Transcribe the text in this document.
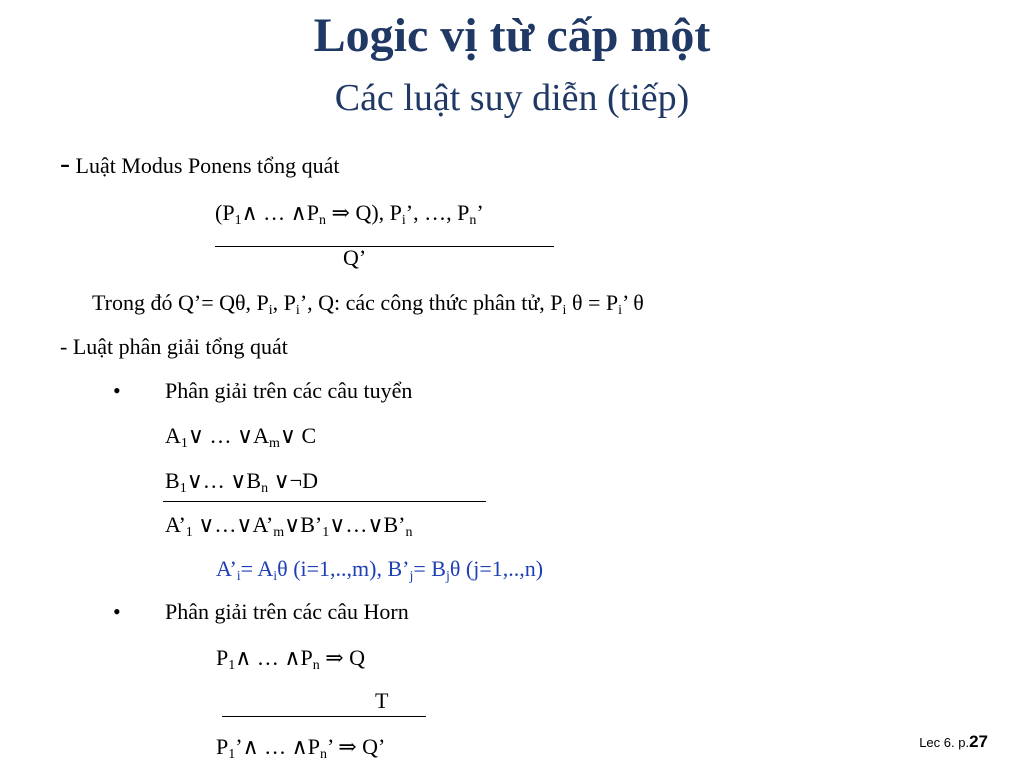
Logic vị từ cấp một
Các luật suy diễn (tiếp)
- Luật Modus Ponens tổng quát
($P_1\wedge$ … $\wedge P_n$ ⇒ Q), $P_i$’, …, $P_n$’
Q’
Trong đó Q’= Qθ, $P_i$, $P_i$’, Q: các công thức phân tử, $P_i$ $\theta = P_i$’ θ
- Luật phân giải tổng quát
• Phân giải trên các câu tuyển
$A_1\vee$ … $\vee A_m\vee$ C
$B_1\vee\dots$ $\vee B_n$ ∨¬D
$A’_1$ $\vee\dots\vee A’_m\vee B’_1\vee\dots\vee B’_n$
$A’_i= A_i\theta$ (i=1,..,m), $B’_j= B_j\theta$ (j=1,..,n)
• Phân giải trên các câu Horn
$P_1\wedge$ … $\wedge P_n$ ⇒ Q
T
$P_1’\wedge$ … $\wedge P_n$’ ⇒ Q’	Lec 6. p.27
